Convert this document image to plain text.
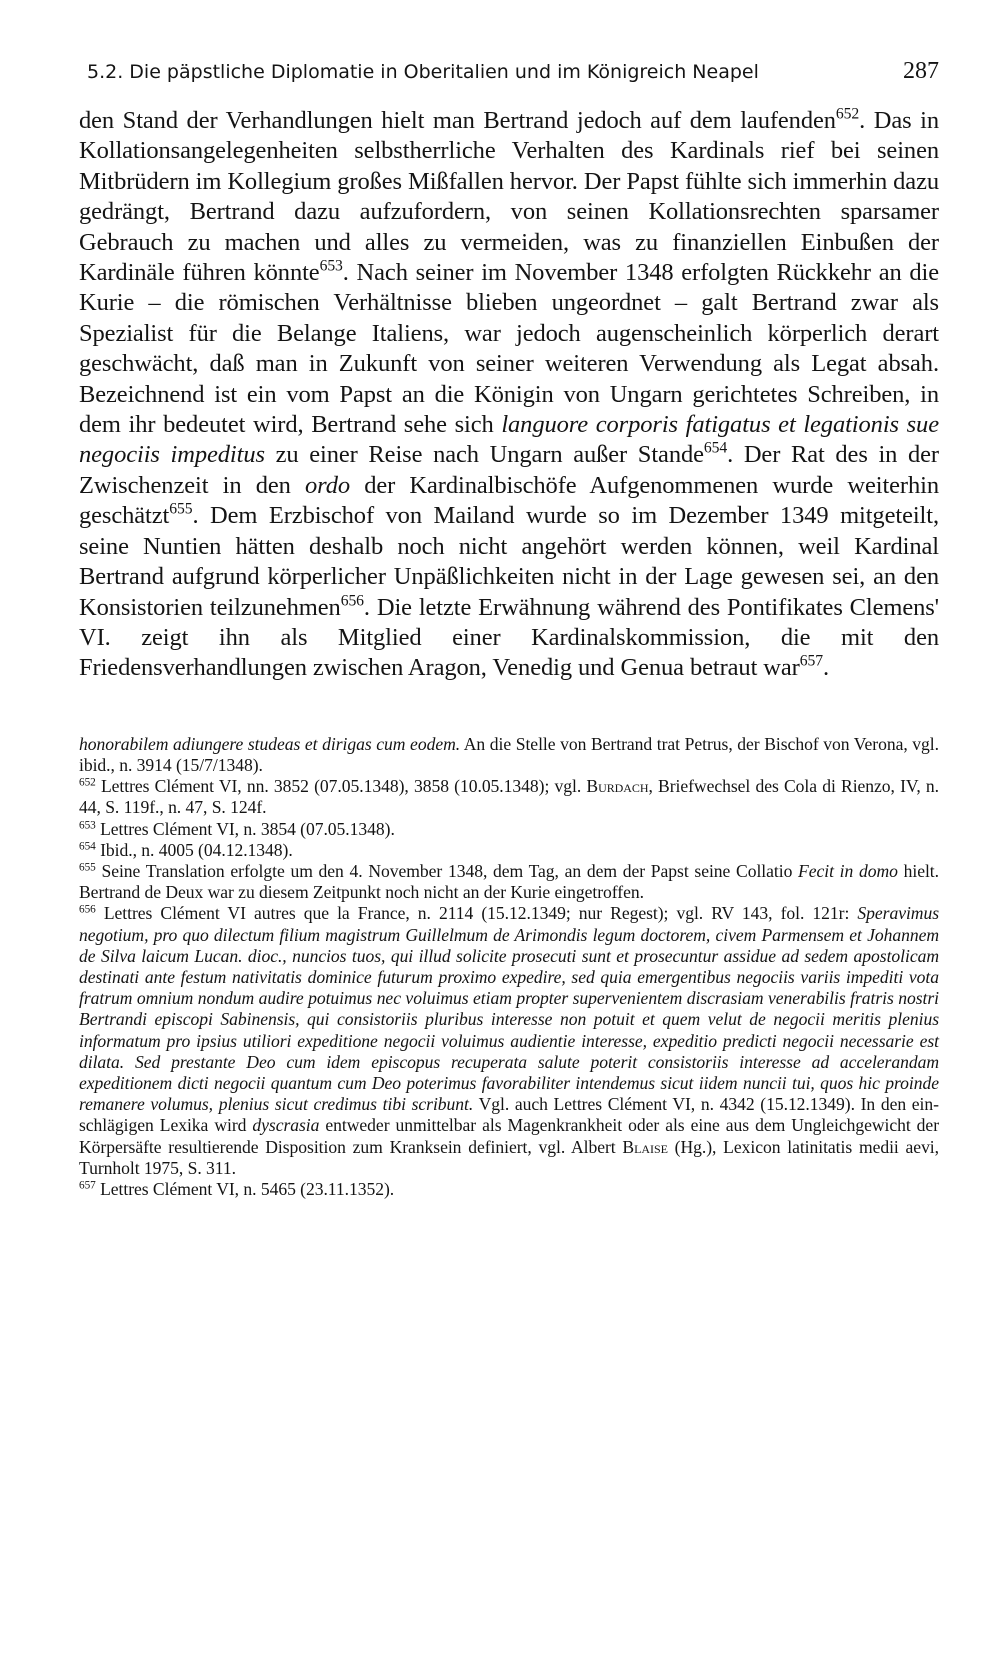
5.2. Die päpstliche Diplomatie in Oberitalien und im Königreich Neapel	287
den Stand der Verhandlungen hielt man Bertrand jedoch auf dem laufenden$^{652}$. Das in Kollationsangelegenheiten selbstherrliche Verhalten des Kardinals rief bei seinen Mitbrüdern im Kollegium großes Mißfallen hervor. Der Papst fühlte sich immerhin dazu gedrängt, Bertrand dazu aufzufordern, von seinen Kollationsrechten sparsamer Gebrauch zu machen und alles zu vermeiden, was zu finanziellen Einbußen der Kardinäle führen könnte$^{653}$. Nach seiner im November 1348 erfolgten Rückkehr an die Kurie – die römischen Verhältnisse blieben ungeordnet – galt Bertrand zwar als Spezialist für die Belange Italiens, war jedoch augenscheinlich körperlich derart geschwächt, daß man in Zukunft von seiner weiteren Verwendung als Legat absah. Bezeichnend ist ein vom Papst an die Königin von Ungarn gerichtetes Schreiben, in dem ihr bedeutet wird, Bertrand sehe sich languore corporis fatigatus et legationis sue negociis impeditus zu einer Reise nach Ungarn außer Stande$^{654}$. Der Rat des in der Zwischenzeit in den ordo der Kardinalbischöfe Aufgenommenen wurde weiterhin geschätzt$^{655}$. Dem Erzbischof von Mailand wurde so im Dezember 1349 mitgeteilt, seine Nuntien hätten deshalb noch nicht angehört werden können, weil Kardinal Bertrand aufgrund körperlicher Unpäßlichkeiten nicht in der Lage gewesen sei, an den Konsistorien teilzunehmen$^{656}$. Die letzte Erwähnung während des Pontifikates Clemens' VI. zeigt ihn als Mitglied einer Kardinalskommission, die mit den Friedensverhandlungen zwischen Aragon, Venedig und Genua betraut war$^{657}$.

honorabilem adiungere studeas et dirigas cum eodem. An die Stelle von Bertrand trat Petrus, der Bischof von Verona, vgl. ibid., n. 3914 (15/7/1348).

$^{652}$ Lettres Clément VI, nn. 3852 (07.05.1348), 3858 (10.05.1348); vgl. Burdach, Briefwechsel des Cola di Rienzo, IV, n. 44, S. 119f., n. 47, S. 124f.

$^{653}$ Lettres Clément VI, n. 3854 (07.05.1348).

$^{654}$ Ibid., n. 4005 (04.12.1348).

$^{655}$ Seine Translation erfolgte um den 4. November 1348, dem Tag, an dem der Papst seine Collatio Fecit in domo hielt. Bertrand de Deux war zu diesem Zeitpunkt noch nicht an der Kurie eingetroffen.

$^{656}$ Lettres Clément VI autres que la France, n. 2114 (15.12.1349; nur Regest); vgl. RV 143, fol. 121r: Speravimus negotium, pro quo dilectum filium magistrum Guillelmum de Arimondis legum doctorem, civem Parmensem et Johannem de Silva laicum Lucan. dioc., nuncios tuos, qui illud solicite prosecuti sunt et prosecuntur assidue ad sedem apostolicam destinati ante festum nativitatis dominice futurum proximo expedire, sed quia emergentibus negociis variis impediti vota fratrum omnium nondum audire potuimus nec voluimus etiam propter supervenientem discrasiam venerabilis fratris nostri Bertrandi episcopi Sabinensis, qui consistoriis pluribus interesse non potuit et quem velut de negocii meritis plenius informatum pro ipsius utiliori expeditione negocii voluimus audientie interesse, expeditio predicti negocii necessarie est dilata. Sed prestante Deo cum idem episcopus recuperata salute poterit consistoriis interesse ad accelerandam expeditionem dicti negocii quantum cum Deo poterimus favorabiliter intendemus sicut iidem nuncii tui, quos hic proinde remanere volumus, plenius sicut credimus tibi scribunt. Vgl. auch Lettres Clément VI, n. 4342 (15.12.1349). In den einschlägigen Lexika wird dyscrasia entweder unmittelbar als Magenkrankheit oder als eine aus dem Ungleichgewicht der Körpersäfte resultierende Disposition zum Kranksein definiert, vgl. Albert Blaise (Hg.), Lexicon latinitatis medii aevi, Turnholt 1975, S. 311.

$^{657}$ Lettres Clément VI, n. 5465 (23.11.1352).
